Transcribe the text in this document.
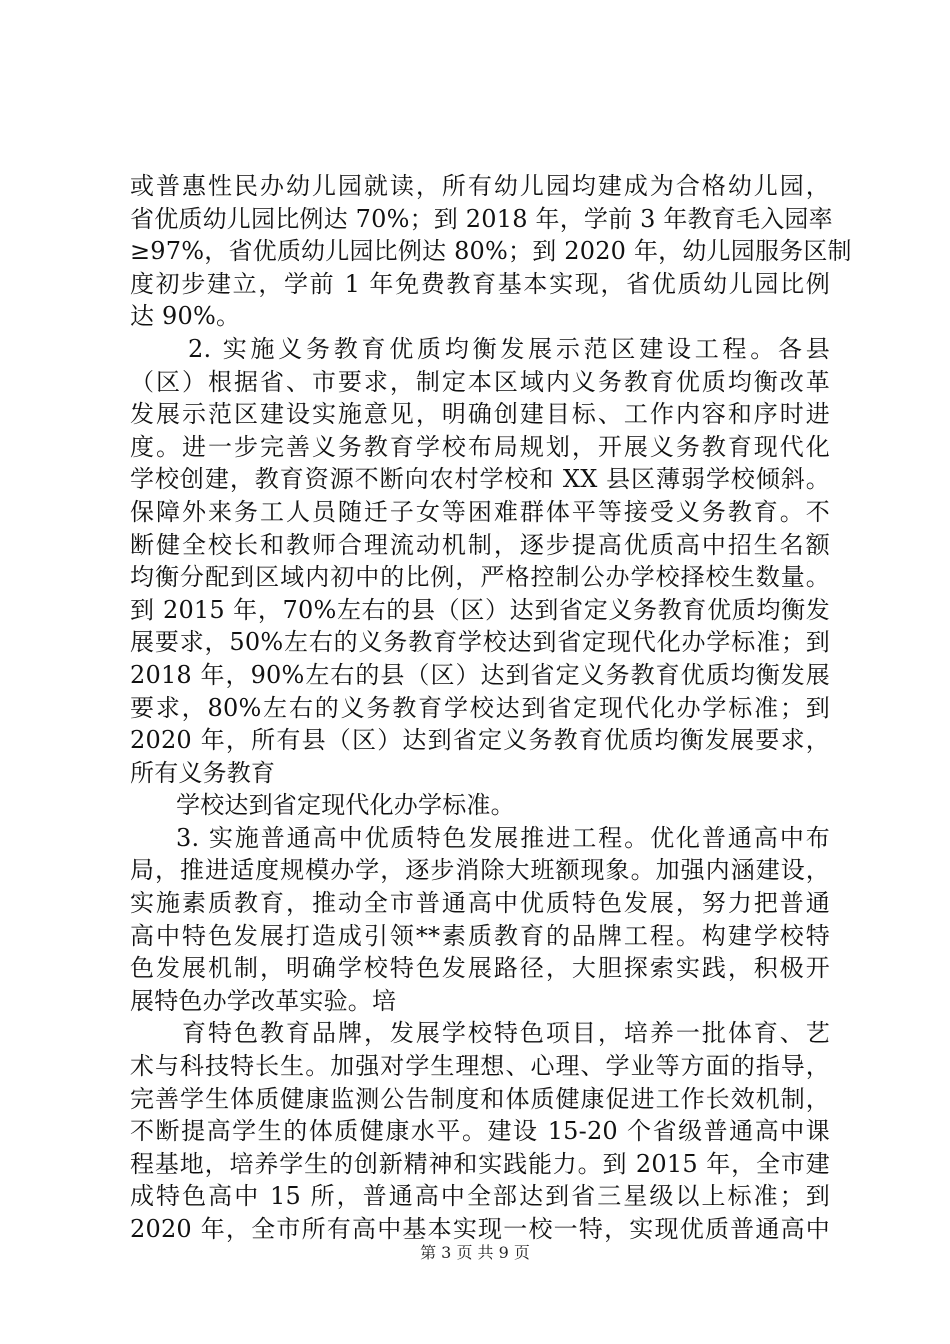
或普惠性民办幼儿园就读，所有幼儿园均建成为合格幼儿园，
省优质幼儿园比例达 70%；到 2018 年，学前 3 年教育毛入园率
≥97%，省优质幼儿园比例达 80%；到 2020 年，幼儿园服务区制
度初步建立，学前 1 年免费教育基本实现，省优质幼儿园比例
达 90%。
2. 实施义务教育优质均衡发展示范区建设工程。各县
（区）根据省、市要求，制定本区域内义务教育优质均衡改革
发展示范区建设实施意见，明确创建目标、工作内容和序时进
度。进一步完善义务教育学校布局规划，开展义务教育现代化
学校创建，教育资源不断向农村学校和 XX 县区薄弱学校倾斜。
保障外来务工人员随迁子女等困难群体平等接受义务教育。不
断健全校长和教师合理流动机制，逐步提高优质高中招生名额
均衡分配到区域内初中的比例，严格控制公办学校择校生数量。
到 2015 年，70%左右的县（区）达到省定义务教育优质均衡发
展要求，50%左右的义务教育学校达到省定现代化办学标准；到
2018 年，90%左右的县（区）达到省定义务教育优质均衡发展
要求，80%左右的义务教育学校达到省定现代化办学标准；到
2020 年，所有县（区）达到省定义务教育优质均衡发展要求，
所有义务教育
学校达到省定现代化办学标准。
3. 实施普通高中优质特色发展推进工程。优化普通高中布
局，推进适度规模办学，逐步消除大班额现象。加强内涵建设，
实施素质教育，推动全市普通高中优质特色发展，努力把普通
高中特色发展打造成引领**素质教育的品牌工程。构建学校特
色发展机制，明确学校特色发展路径，大胆探索实践，积极开
展特色办学改革实验。培
育特色教育品牌，发展学校特色项目，培养一批体育、艺
术与科技特长生。加强对学生理想、心理、学业等方面的指导，
完善学生体质健康监测公告制度和体质健康促进工作长效机制，
不断提高学生的体质健康水平。建设 15-20 个省级普通高中课
程基地，培养学生的创新精神和实践能力。到 2015 年，全市建
成特色高中 15 所，普通高中全部达到省三星级以上标准；到
2020 年，全市所有高中基本实现一校一特，实现优质普通高中
第 3 页 共 9 页
